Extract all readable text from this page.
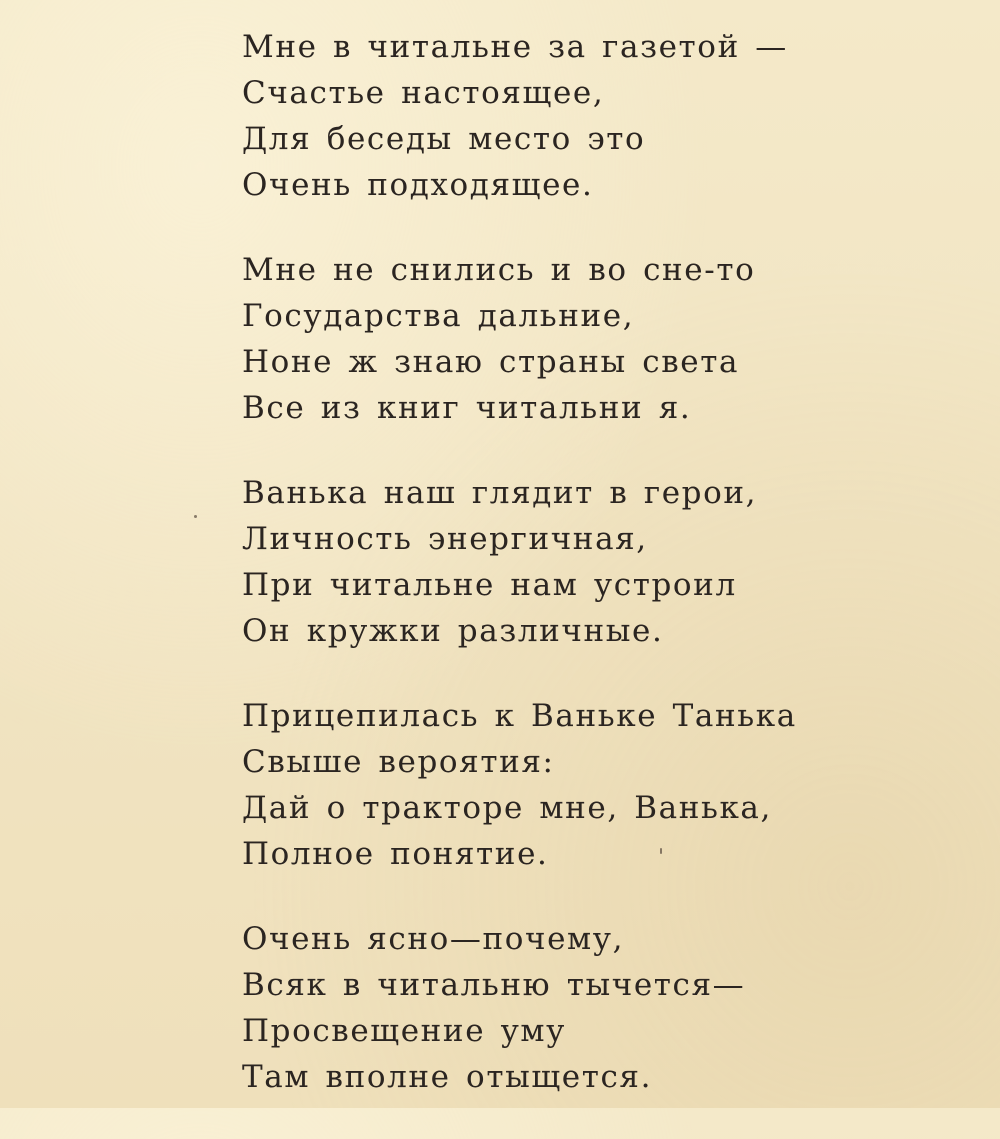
Мне в читальне за газетой —
Счастье настоящее,
Для беседы место это
Очень подходящее.
Мне не снились и во сне-то
Государства дальние,
Ноне ж знаю страны света
Все из книг читальни я.
Ванька наш глядит в герои,
Личность энергичная,
При читальне нам устроил
Он кружки различные.
Прицепилась к Ваньке Танька
Свыше вероятия:
Дай о тракторе мне, Ванька,
Полное понятие.
Очень ясно—почему,
Всяк в читальню тычется—
Просвещение уму
Там вполне отыщется.
